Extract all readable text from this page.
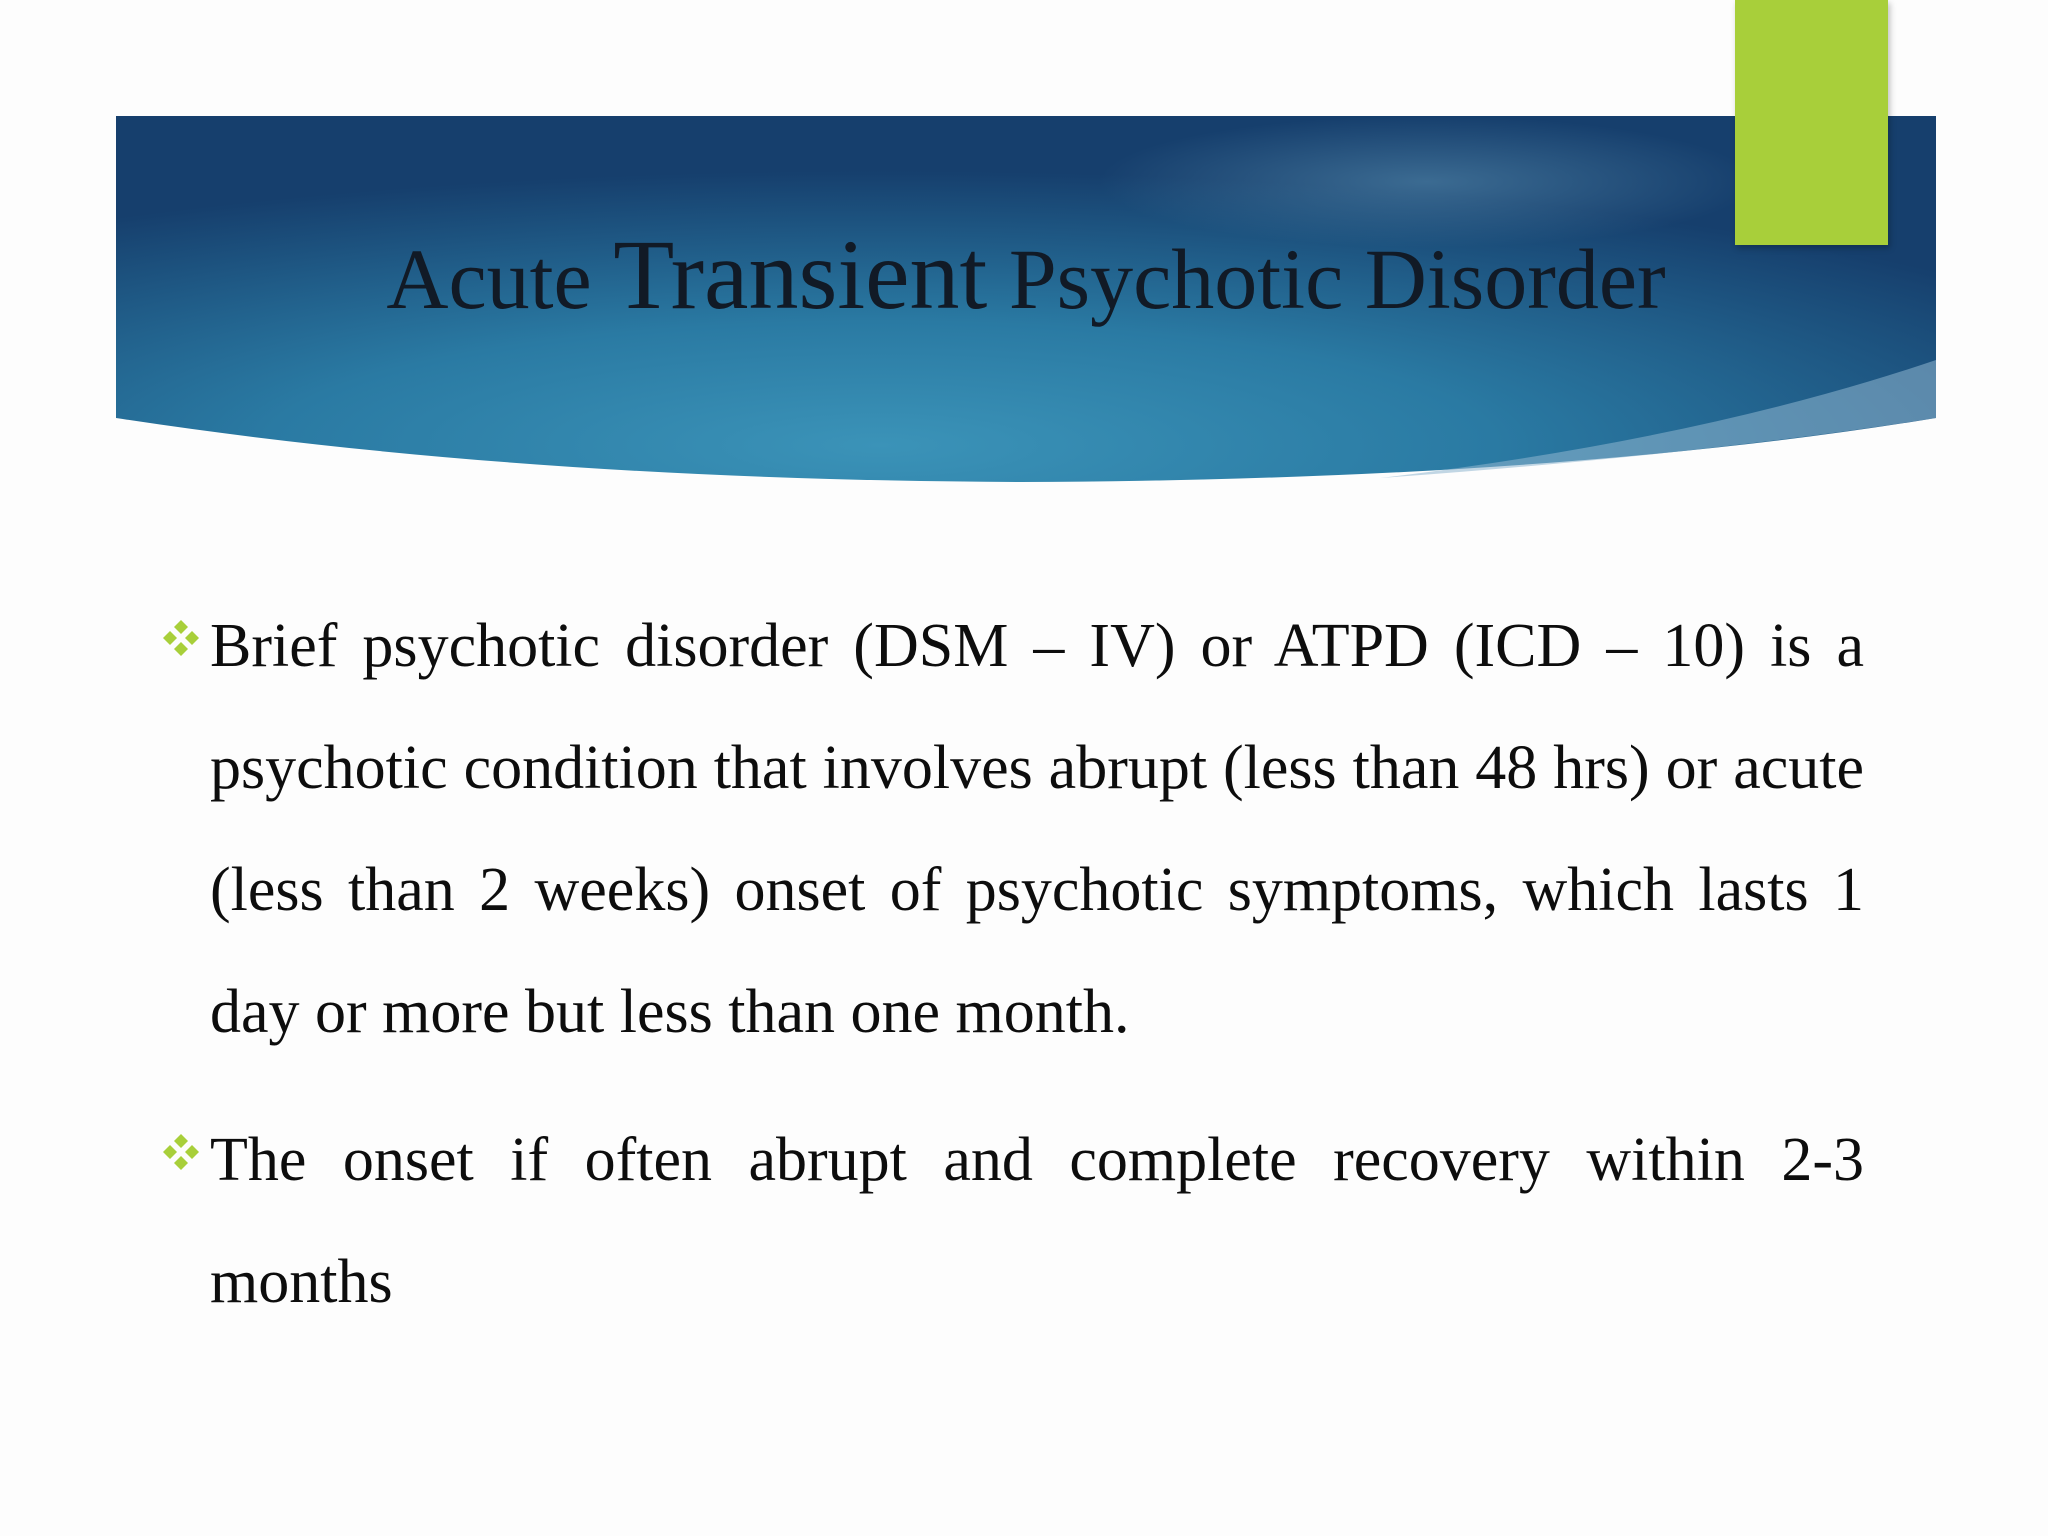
Acute Transient Psychotic Disorder

Brief psychotic disorder (DSM – IV) or ATPD (ICD – 10) is a psychotic condition that involves abrupt (less than 48 hrs) or acute (less than 2 weeks) onset of psychotic symptoms, which lasts 1 day or more but less than one month.

The onset if often abrupt and complete recovery within 2-3 months
